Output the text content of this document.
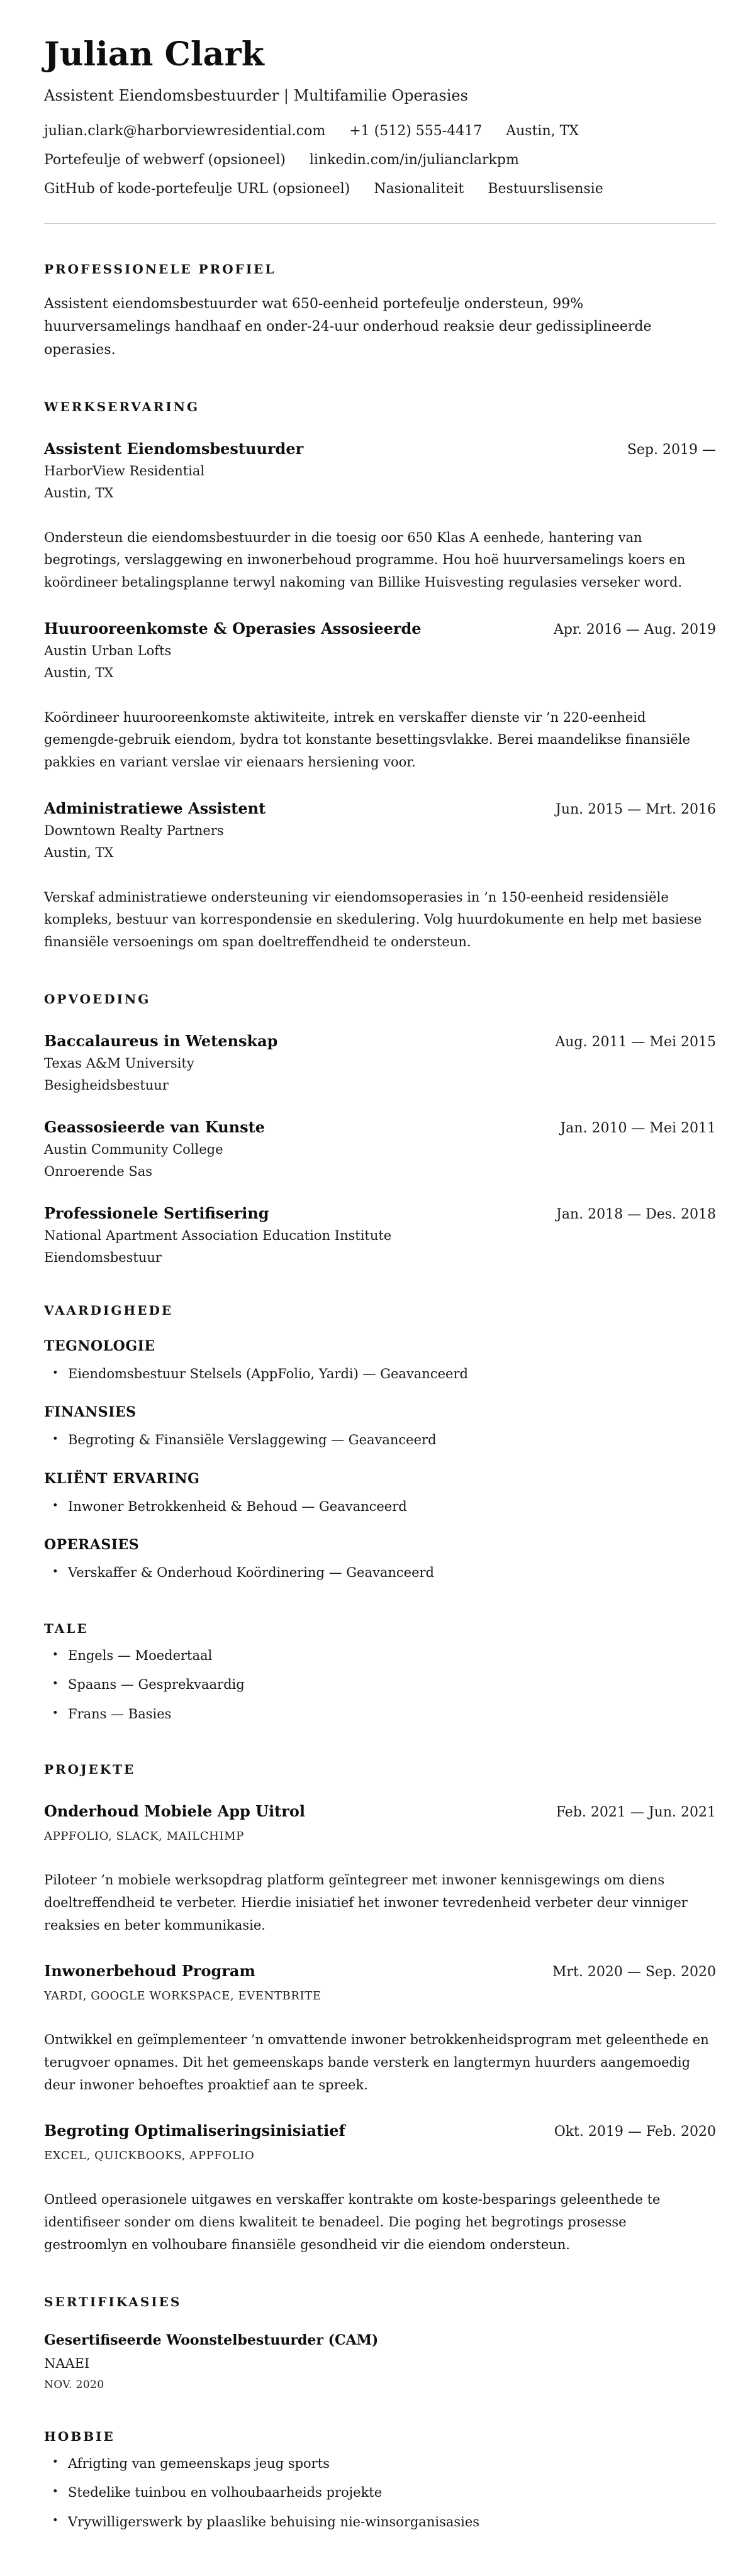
Julian Clark
Assistent Eiendomsbestuurder | Multifamilie Operasies
julian.clark@harborviewresidential.com +1 (512) 555-4417 Austin, TX
Portefeulje of webwerf (opsioneel) linkedin.com/in/julianclarkpm
GitHub of kode-portefeulje URL (opsioneel) Nasionaliteit Bestuurslisensie
PROFESSIONELE PROFIEL

Assistent eiendomsbestuurder wat 650-eenheid portefeulje ondersteun, 99% huurversamelings handhaaf en onder-24-uur onderhoud reaksie deur gedissiplineerde operasies.

WERKSERVARING
Assistent Eiendomsbestuurder	Sep. 2019 —
HarborView Residential
Austin, TX

Ondersteun die eiendomsbestuurder in die toesig oor 650 Klas A eenhede, hantering van begrotings, verslaggewing en inwonerbehoud programme. Hou hoë huurversamelings koers en koördineer betalingsplanne terwyl nakoming van Billike Huisvesting regulasies verseker word.

Huurooreenkomste & Operasies Assosieerde	Apr. 2016 — Aug. 2019
Austin Urban Lofts
Austin, TX

Koördineer huurooreenkomste aktiwiteite, intrek en verskaffer dienste vir ’n 220-eenheid gemengde-gebruik eiendom, bydra tot konstante besettingsvlakke. Berei maandelikse finansiële pakkies en variant verslae vir eienaars hersiening voor.

Administratiewe Assistent	Jun. 2015 — Mrt. 2016
Downtown Realty Partners
Austin, TX

Verskaf administratiewe ondersteuning vir eiendomsoperasies in ’n 150-eenheid residensiële kompleks, bestuur van korrespondensie en skedulering. Volg huurdokumente en help met basiese finansiële versoenings om span doeltreffendheid te ondersteun.

OPVOEDING
Baccalaureus in Wetenskap	Aug. 2011 — Mei 2015
Texas A&M University
Besigheidsbestuur
Geassosieerde van Kunste	Jan. 2010 — Mei 2011
Austin Community College
Onroerende Sas
Professionele Sertifisering	Jan. 2018 — Des. 2018
National Apartment Association Education Institute
Eiendomsbestuur
VAARDIGHEDE
TEGNOLOGIE
• Eiendomsbestuur Stelsels (AppFolio, Yardi) — Geavanceerd
FINANSIES
• Begroting & Finansiële Verslaggewing — Geavanceerd
KLIËNT ERVARING
• Inwoner Betrokkenheid & Behoud — Geavanceerd
OPERASIES
• Verskaffer & Onderhoud Koördinering — Geavanceerd
TALE
• Engels — Moedertaal
• Spaans — Gesprekvaardig
• Frans — Basies
PROJEKTE
Onderhoud Mobiele App Uitrol	Feb. 2021 — Jun. 2021
APPFOLIO, SLACK, MAILCHIMP

Piloteer ’n mobiele werksopdrag platform geïntegreer met inwoner kennisgewings om diens doeltreffendheid te verbeter. Hierdie inisiatief het inwoner tevredenheid verbeter deur vinniger reaksies en beter kommunikasie.

Inwonerbehoud Program	Mrt. 2020 — Sep. 2020
YARDI, GOOGLE WORKSPACE, EVENTBRITE

Ontwikkel en geïmplementeer ’n omvattende inwoner betrokkenheidsprogram met geleenthede en terugvoer opnames. Dit het gemeenskaps bande versterk en langtermyn huurders aangemoedig deur inwoner behoeftes proaktief aan te spreek.

Begroting Optimaliseringsinisiatief	Okt. 2019 — Feb. 2020
EXCEL, QUICKBOOKS, APPFOLIO

Ontleed operasionele uitgawes en verskaffer kontrakte om koste-besparings geleenthede te identifiseer sonder om diens kwaliteit te benadeel. Die poging het begrotings prosesse gestroomlyn en volhoubare finansiële gesondheid vir die eiendom ondersteun.

SERTIFIKASIES
Gesertifiseerde Woonstelbestuurder (CAM)
NAAEI
NOV. 2020
HOBBIE
• Afrigting van gemeenskaps jeug sports
• Stedelike tuinbou en volhoubaarheids projekte
• Vrywilligerswerk by plaaslike behuising nie-winsorganisasies
